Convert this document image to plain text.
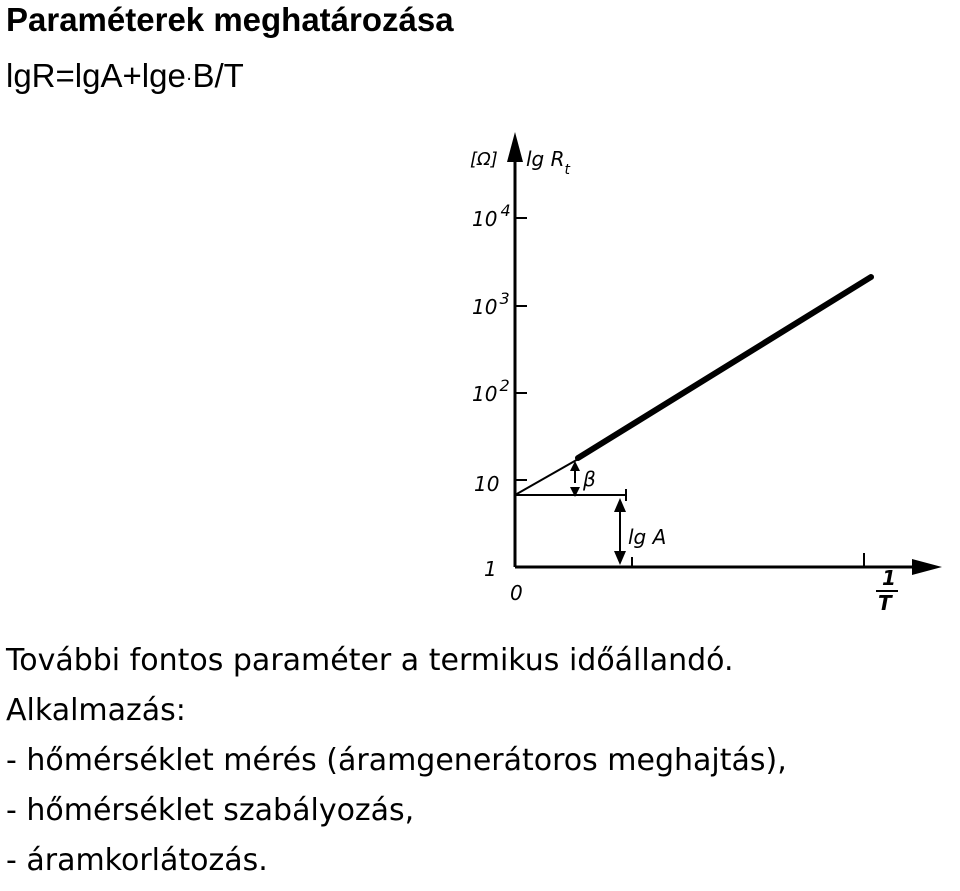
Paraméterek meghatározása
lgR=lgA+lge·B/T
[Ω] $\lg R_t$
10 $^4$
10 $^3$
10 $^2$
10
1
0
β
lg A
1
T
További fontos paraméter a termikus időállandó.
Alkalmazás:
- hőmérséklet mérés (áramgenerátoros meghajtás),
- hőmérséklet szabályozás,
- áramkorlátozás.
